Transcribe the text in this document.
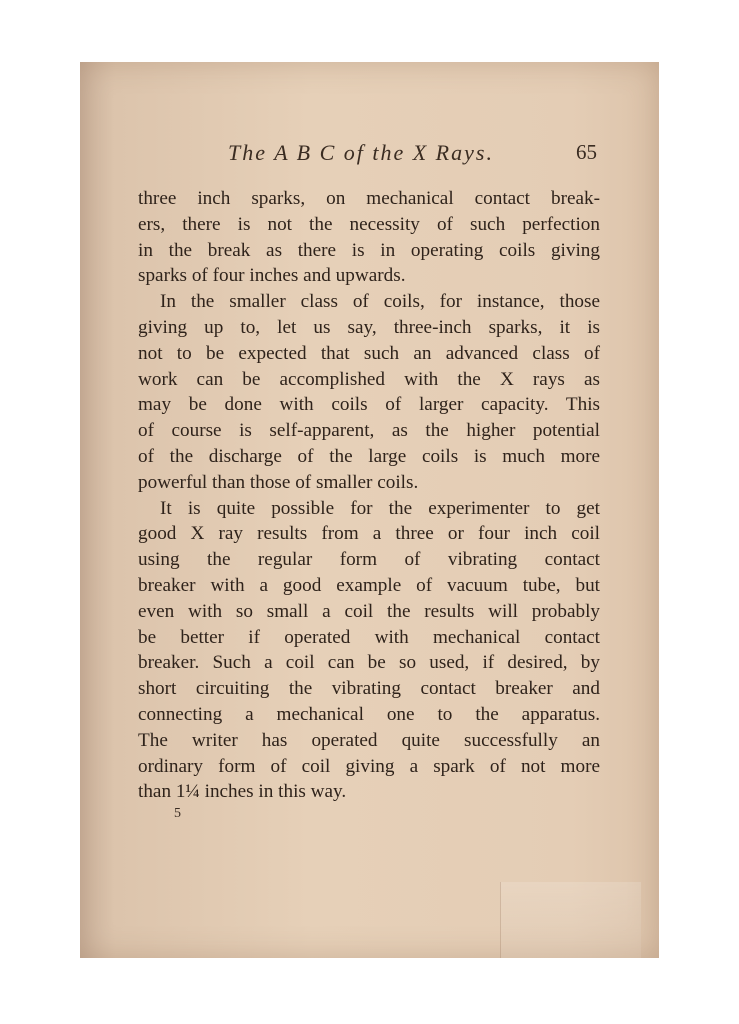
The A B C of the X Rays.	65

three inch sparks, on mechanical contact break-
ers, there is not the necessity of such perfection
in the break as there is in operating coils giving
sparks of four inches and upwards.

In the smaller class of coils, for instance, those
giving up to, let us say, three-inch sparks, it is
not to be expected that such an advanced class of
work can be accomplished with the X rays as
may be done with coils of larger capacity. This
of course is self-apparent, as the higher potential
of the discharge of the large coils is much more
powerful than those of smaller coils.

It is quite possible for the experimenter to get
good X ray results from a three or four inch coil
using the regular form of vibrating contact
breaker with a good example of vacuum tube, but
even with so small a coil the results will probably
be better if operated with mechanical contact
breaker. Such a coil can be so used, if desired, by
short circuiting the vibrating contact breaker and
connecting a mechanical one to the apparatus.
The writer has operated quite successfully an
ordinary form of coil giving a spark of not more
than 1¼ inches in this way.

5
